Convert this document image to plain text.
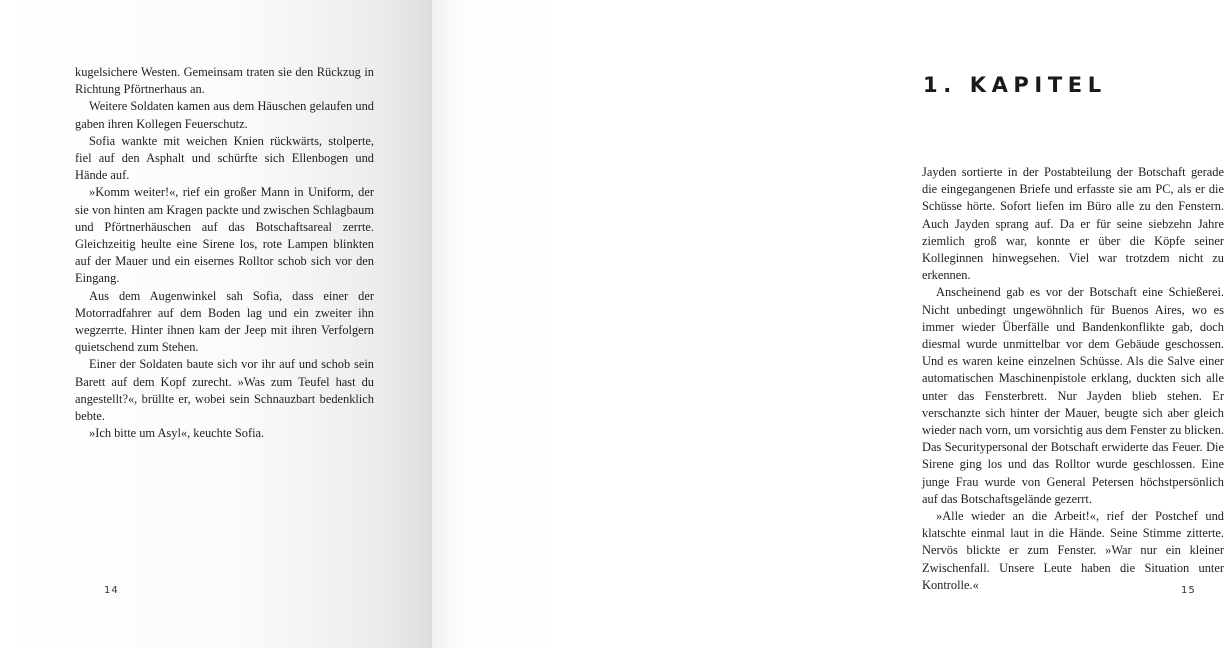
kugelsichere Westen. Gemeinsam traten sie den Rückzug in Richtung Pförtnerhaus an.

Weitere Soldaten kamen aus dem Häuschen gelaufen und gaben ihren Kollegen Feuerschutz.

Sofia wankte mit weichen Knien rückwärts, stolperte, fiel auf den Asphalt und schürfte sich Ellenbogen und Hände auf.

»Komm weiter!«, rief ein großer Mann in Uniform, der sie von hinten am Kragen packte und zwischen Schlagbaum und Pförtnerhäuschen auf das Botschaftsareal zerrte. Gleichzeitig heulte eine Sirene los, rote Lampen blinkten auf der Mauer und ein eisernes Rolltor schob sich vor den Eingang.

Aus dem Augenwinkel sah Sofia, dass einer der Motorradfahrer auf dem Boden lag und ein zweiter ihn wegzerrte. Hinter ihnen kam der Jeep mit ihren Verfolgern quietschend zum Stehen.

Einer der Soldaten baute sich vor ihr auf und schob sein Barett auf dem Kopf zurecht. »Was zum Teufel hast du angestellt?«, brüllte er, wobei sein Schnauzbart bedenklich bebte.

»Ich bitte um Asyl«, keuchte Sofia.

14
1. KAPITEL

Jayden sortierte in der Postabteilung der Botschaft gerade die eingegangenen Briefe und erfasste sie am PC, als er die Schüsse hörte. Sofort liefen im Büro alle zu den Fenstern. Auch Jayden sprang auf. Da er für seine siebzehn Jahre ziemlich groß war, konnte er über die Köpfe seiner Kolleginnen hinwegsehen. Viel war trotzdem nicht zu erkennen.

Anscheinend gab es vor der Botschaft eine Schießerei. Nicht unbedingt ungewöhnlich für Buenos Aires, wo es immer wieder Überfälle und Bandenkonflikte gab, doch diesmal wurde unmittelbar vor dem Gebäude geschossen. Und es waren keine einzelnen Schüsse. Als die Salve einer automatischen Maschinenpistole erklang, duckten sich alle unter das Fensterbrett. Nur Jayden blieb stehen. Er verschanzte sich hinter der Mauer, beugte sich aber gleich wieder nach vorn, um vorsichtig aus dem Fenster zu blicken. Das Securitypersonal der Botschaft erwiderte das Feuer. Die Sirene ging los und das Rolltor wurde geschlossen. Eine junge Frau wurde von General Petersen höchstpersönlich auf das Botschaftsgelände gezerrt.

»Alle wieder an die Arbeit!«, rief der Postchef und klatschte einmal laut in die Hände. Seine Stimme zitterte. Nervös blickte er zum Fenster. »War nur ein kleiner Zwischenfall. Unsere Leute haben die Situation unter Kontrolle.«	15
